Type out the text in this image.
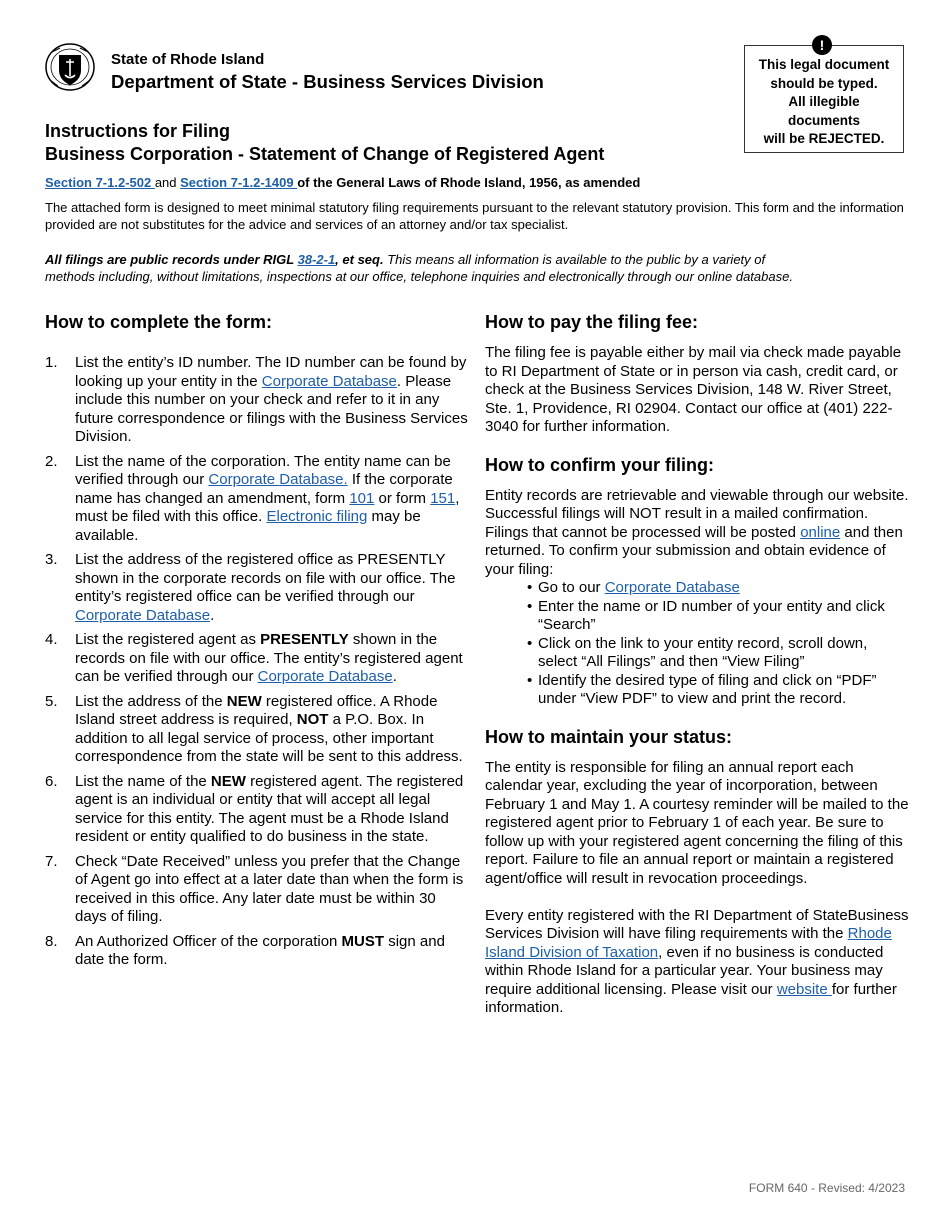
State of Rhode Island
Department of State - Business Services Division
This legal document
should be typed.
All illegible
documents
will be REJECTED.
!
Instructions for Filing
Business Corporation - Statement of Change of Registered Agent
Section 7-1.2-502 and Section 7-1.2-1409 of the General Laws of Rhode Island, 1956, as amended
The attached form is designed to meet minimal statutory filing requirements pursuant to the relevant statutory provision. This form and the information provided are not substitutes for the advice and services of an attorney and/or tax specialist.
All filings are public records under RIGL 38-2-1, et seq. This means all information is available to the public by a variety of methods including, without limitations, inspections at our office, telephone inquiries and electronically through our online database.
How to complete the form:
1. List the entity’s ID number. The ID number can be found by looking up your entity in the Corporate Database. Please include this number on your check and refer to it in any future correspondence or filings with the Business Services Division.
2. List the name of the corporation. The entity name can be verified through our Corporate Database. If the corporate name has changed an amendment, form 101 or form 151, must be filed with this office. Electronic filing may be available.
3. List the address of the registered office as PRESENTLY shown in the corporate records on file with our office. The entity’s registered office can be verified through our Corporate Database.
4. List the registered agent as PRESENTLY shown in the records on file with our office. The entity’s registered agent can be verified through our Corporate Database.
5. List the address of the NEW registered office. A Rhode Island street address is required, NOT a P.O. Box. In addition to all legal service of process, other important correspondence from the state will be sent to this address.
6. List the name of the NEW registered agent. The registered agent is an individual or entity that will accept all legal service for this entity. The agent must be a Rhode Island resident or entity qualified to do business in the state.
7. Check “Date Received” unless you prefer that the Change of Agent go into effect at a later date than when the form is received in this office. Any later date must be within 30 days of filing.
8. An Authorized Officer of the corporation MUST sign and date the form.
How to pay the filing fee:
The filing fee is payable either by mail via check made payable to RI Department of State or in person via cash, credit card, or check at the Business Services Division, 148 W. River Street, Ste. 1, Providence, RI 02904. Contact our office at (401) 222-3040 for further information.
How to confirm your filing:
Entity records are retrievable and viewable through our website. Successful filings will NOT result in a mailed confirmation. Filings that cannot be processed will be posted online and then returned. To confirm your submission and obtain evidence of your filing:
• Go to our Corporate Database
• Enter the name or ID number of your entity and click “Search”
• Click on the link to your entity record, scroll down, select “All Filings” and then “View Filing”
• Identify the desired type of filing and click on “PDF” under “View PDF” to view and print the record.
How to maintain your status:
The entity is responsible for filing an annual report each calendar year, excluding the year of incorporation, between February 1 and May 1. A courtesy reminder will be mailed to the registered agent prior to February 1 of each year. Be sure to follow up with your registered agent concerning the filing of this report. Failure to file an annual report or maintain a registered agent/office will result in revocation proceedings.
Every entity registered with the RI Department of StateBusiness Services Division will have filing requirements with the Rhode Island Division of Taxation, even if no business is conducted within Rhode Island for a particular year. Your business may require additional licensing. Please visit our website for further information.
FORM 640 - Revised: 4/2023
